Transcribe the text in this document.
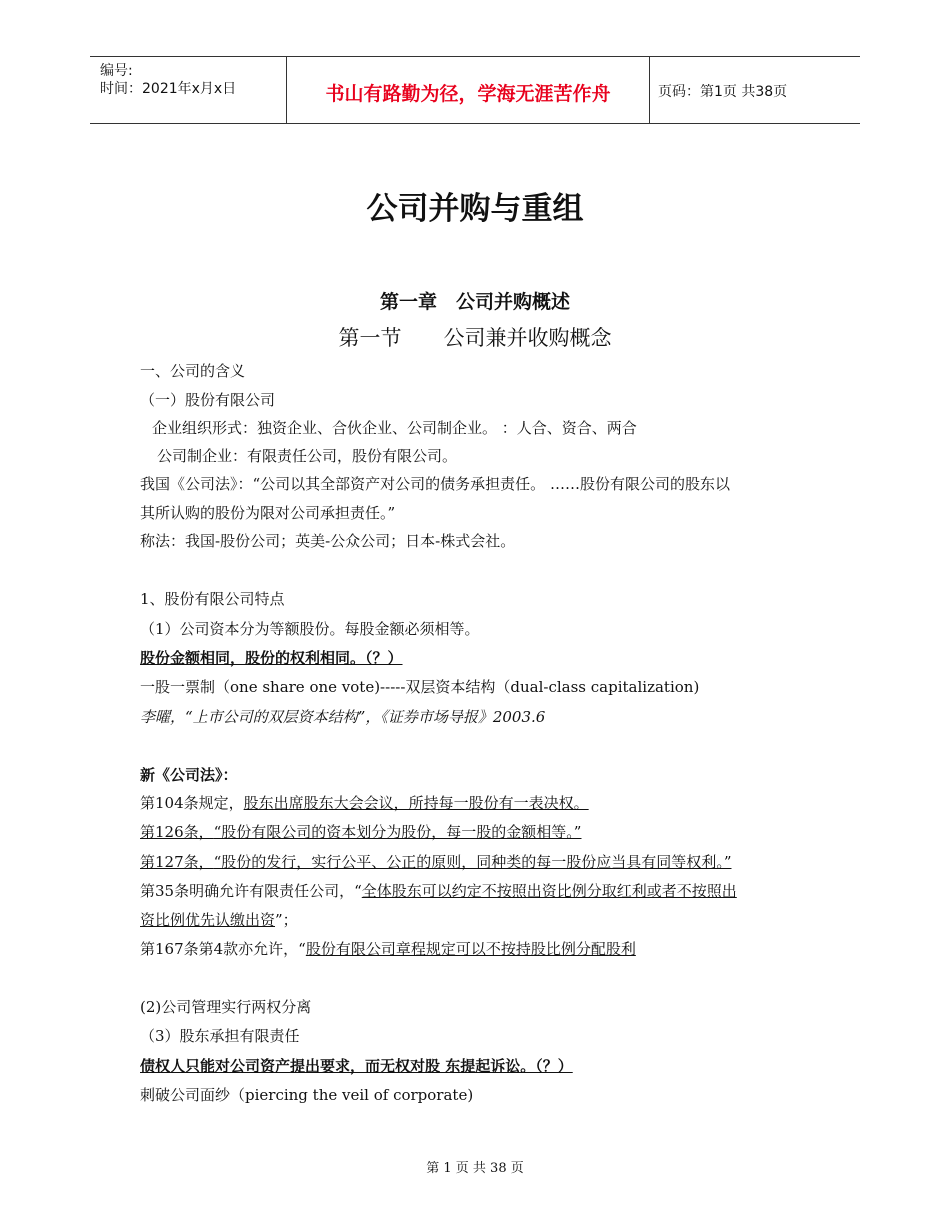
编号:
时间：2021年x月x日	书山有路勤为径，学海无涯苦作舟	页码：第1页 共38页
公司并购与重组
第一章　公司并购概述
第一节　　公司兼并收购概念
一、公司的含义
（一）股份有限公司
企业组织形式：独资企业、合伙企业、公司制企业。 ：人合、资合、两合
公司制企业：有限责任公司，股份有限公司。
我国《公司法》：“公司以其全部资产对公司的债务承担责任。 ……股份有限公司的股东以
其所认购的股份为限对公司承担责任。”
称法：我国-股份公司；英美-公众公司；日本-株式会社。
1、股份有限公司特点
（1）公司资本分为等额股份。每股金额必须相等。
股份金额相同，股份的权利相同。（？）
一股一票制（one share one vote)-----双层资本结构（dual-class capitalization)
李曜，“上市公司的双层资本结构”，《证券市场导报》2003.6
新《公司法》：
第104条规定，股东出席股东大会会议，所持每一股份有一表决权。
第126条，“股份有限公司的资本划分为股份，每一股的金额相等。”
第127条，“股份的发行，实行公平、公正的原则，同种类的每一股份应当具有同等权利。”
第35条明确允许有限责任公司，“全体股东可以约定不按照出资比例分取红利或者不按照出
资比例优先认缴出资”；
第167条第4款亦允许，“股份有限公司章程规定可以不按持股比例分配股利
(2)公司管理实行两权分离
（3）股东承担有限责任
债权人只能对公司资产提出要求，而无权对股 东提起诉讼。（？）
刺破公司面纱（piercing the veil of corporate)
第 1 页 共 38 页
